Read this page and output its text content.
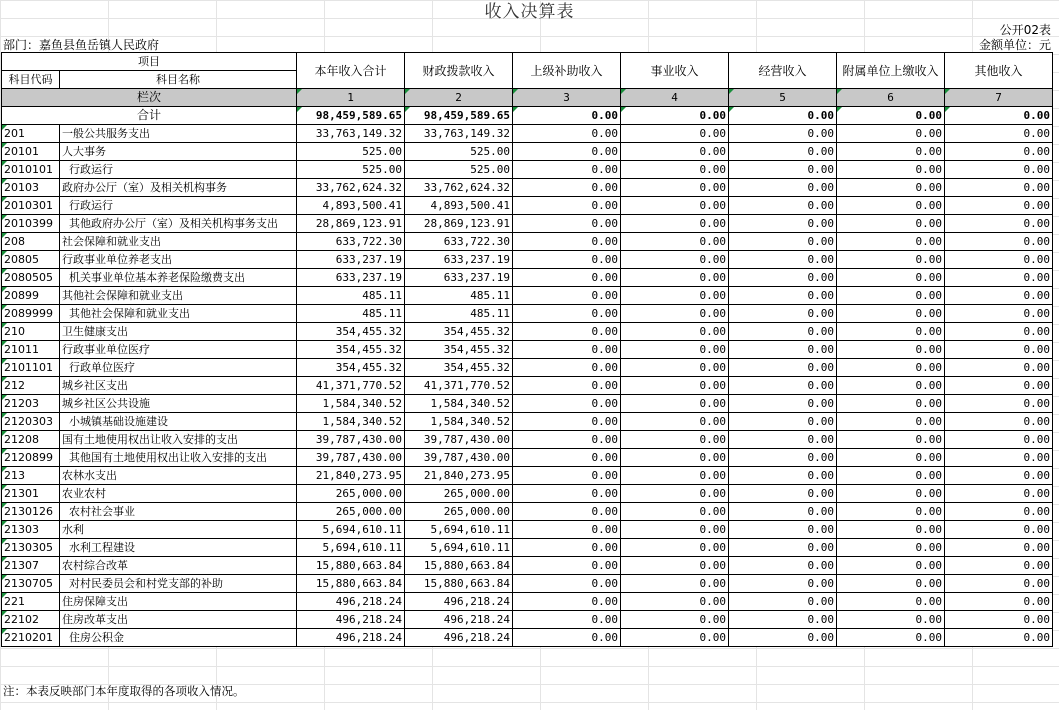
收入决算表
公开02表
部门：嘉鱼县鱼岳镇人民政府	金额单位：元
项目		本年收入合计	财政拨款收入	上级补助收入	事业收入	经营收入	附属单位上缴收入	其他收入
科目代码	科目名称							
栏次		1	2	3	4	5	6	7
合计		98,459,589.65	98,459,589.65	0.00	0.00	0.00	0.00	0.00
201	一般公共服务支出	33,763,149.32	33,763,149.32	0.00	0.00	0.00	0.00	0.00
20101	人大事务	525.00	525.00	0.00	0.00	0.00	0.00	0.00
2010101	行政运行	525.00	525.00	0.00	0.00	0.00	0.00	0.00
20103	政府办公厅（室）及相关机构事务	33,762,624.32	33,762,624.32	0.00	0.00	0.00	0.00	0.00
2010301	行政运行	4,893,500.41	4,893,500.41	0.00	0.00	0.00	0.00	0.00
2010399	其他政府办公厅（室）及相关机构事务支出	28,869,123.91	28,869,123.91	0.00	0.00	0.00	0.00	0.00
208	社会保障和就业支出	633,722.30	633,722.30	0.00	0.00	0.00	0.00	0.00
20805	行政事业单位养老支出	633,237.19	633,237.19	0.00	0.00	0.00	0.00	0.00
2080505	机关事业单位基本养老保险缴费支出	633,237.19	633,237.19	0.00	0.00	0.00	0.00	0.00
20899	其他社会保障和就业支出	485.11	485.11	0.00	0.00	0.00	0.00	0.00
2089999	其他社会保障和就业支出	485.11	485.11	0.00	0.00	0.00	0.00	0.00
210	卫生健康支出	354,455.32	354,455.32	0.00	0.00	0.00	0.00	0.00
21011	行政事业单位医疗	354,455.32	354,455.32	0.00	0.00	0.00	0.00	0.00
2101101	行政单位医疗	354,455.32	354,455.32	0.00	0.00	0.00	0.00	0.00
212	城乡社区支出	41,371,770.52	41,371,770.52	0.00	0.00	0.00	0.00	0.00
21203	城乡社区公共设施	1,584,340.52	1,584,340.52	0.00	0.00	0.00	0.00	0.00
2120303	小城镇基础设施建设	1,584,340.52	1,584,340.52	0.00	0.00	0.00	0.00	0.00
21208	国有土地使用权出让收入安排的支出	39,787,430.00	39,787,430.00	0.00	0.00	0.00	0.00	0.00
2120899	其他国有土地使用权出让收入安排的支出	39,787,430.00	39,787,430.00	0.00	0.00	0.00	0.00	0.00
213	农林水支出	21,840,273.95	21,840,273.95	0.00	0.00	0.00	0.00	0.00
21301	农业农村	265,000.00	265,000.00	0.00	0.00	0.00	0.00	0.00
2130126	农村社会事业	265,000.00	265,000.00	0.00	0.00	0.00	0.00	0.00
21303	水利	5,694,610.11	5,694,610.11	0.00	0.00	0.00	0.00	0.00
2130305	水利工程建设	5,694,610.11	5,694,610.11	0.00	0.00	0.00	0.00	0.00
21307	农村综合改革	15,880,663.84	15,880,663.84	0.00	0.00	0.00	0.00	0.00
2130705	对村民委员会和村党支部的补助	15,880,663.84	15,880,663.84	0.00	0.00	0.00	0.00	0.00
221	住房保障支出	496,218.24	496,218.24	0.00	0.00	0.00	0.00	0.00
22102	住房改革支出	496,218.24	496,218.24	0.00	0.00	0.00	0.00	0.00
2210201	住房公积金	496,218.24	496,218.24	0.00	0.00	0.00	0.00	0.00
注：本表反映部门本年度取得的各项收入情况。
